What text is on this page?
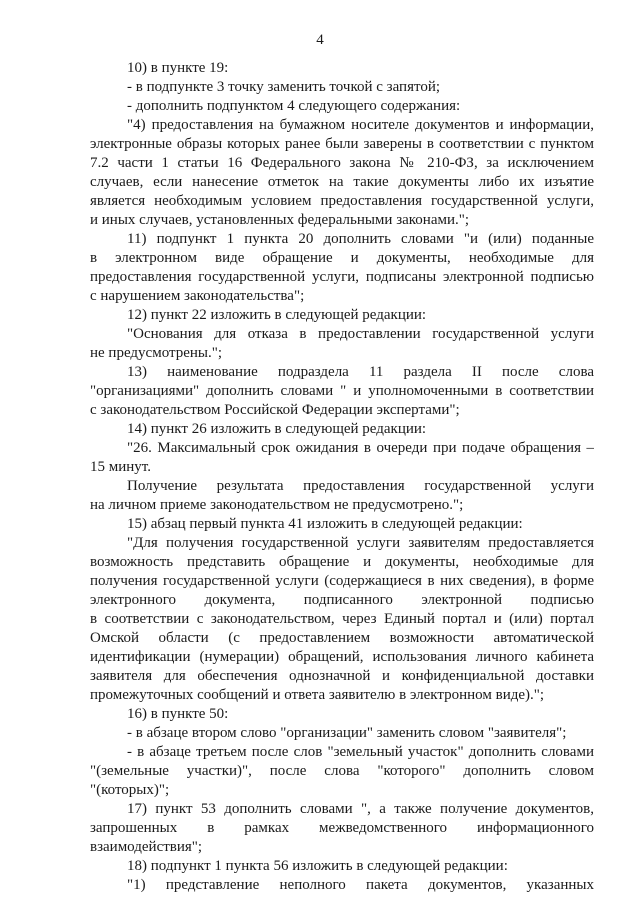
4
10) в пункте 19:
- в подпункте 3 точку заменить точкой с запятой;
- дополнить подпунктом 4 следующего содержания:
"4) предоставления на бумажном носителе документов и информации,
электронные образы которых ранее были заверены в соответствии с пунктом
7.2 части 1 статьи 16 Федерального закона № 210-ФЗ, за исключением
случаев, если нанесение отметок на такие документы либо их изъятие
является необходимым условием предоставления государственной услуги,
и иных случаев, установленных федеральными законами.";
11) подпункт 1 пункта 20 дополнить словами "и (или) поданные
в электронном виде обращение и документы, необходимые для
предоставления государственной услуги, подписаны электронной подписью
с нарушением законодательства";
12) пункт 22 изложить в следующей редакции:
"Основания для отказа в предоставлении государственной услуги
не предусмотрены.";
13) наименование подраздела 11 раздела II после слова
"организациями" дополнить словами " и уполномоченными в соответствии
с законодательством Российской Федерации экспертами";
14) пункт 26 изложить в следующей редакции:
"26. Максимальный срок ожидания в очереди при подаче обращения –
15 минут.
Получение результата предоставления государственной услуги
на личном приеме законодательством не предусмотрено.";
15) абзац первый пункта 41 изложить в следующей редакции:
"Для получения государственной услуги заявителям предоставляется
возможность представить обращение и документы, необходимые для
получения государственной услуги (содержащиеся в них сведения), в форме
электронного документа, подписанного электронной подписью
в соответствии с законодательством, через Единый портал и (или) портал
Омской области (с предоставлением возможности автоматической
идентификации (нумерации) обращений, использования личного кабинета
заявителя для обеспечения однозначной и конфиденциальной доставки
промежуточных сообщений и ответа заявителю в электронном виде).";
16) в пункте 50:
- в абзаце втором слово "организации" заменить словом "заявителя";
- в абзаце третьем после слов "земельный участок" дополнить словами
"(земельные участки)", после слова "которого" дополнить словом
"(которых)";
17) пункт 53 дополнить словами ", а также получение документов,
запрошенных в рамках межведомственного информационного
взаимодействия";
18) подпункт 1 пункта 56 изложить в следующей редакции:
"1) представление неполного пакета документов, указанных
